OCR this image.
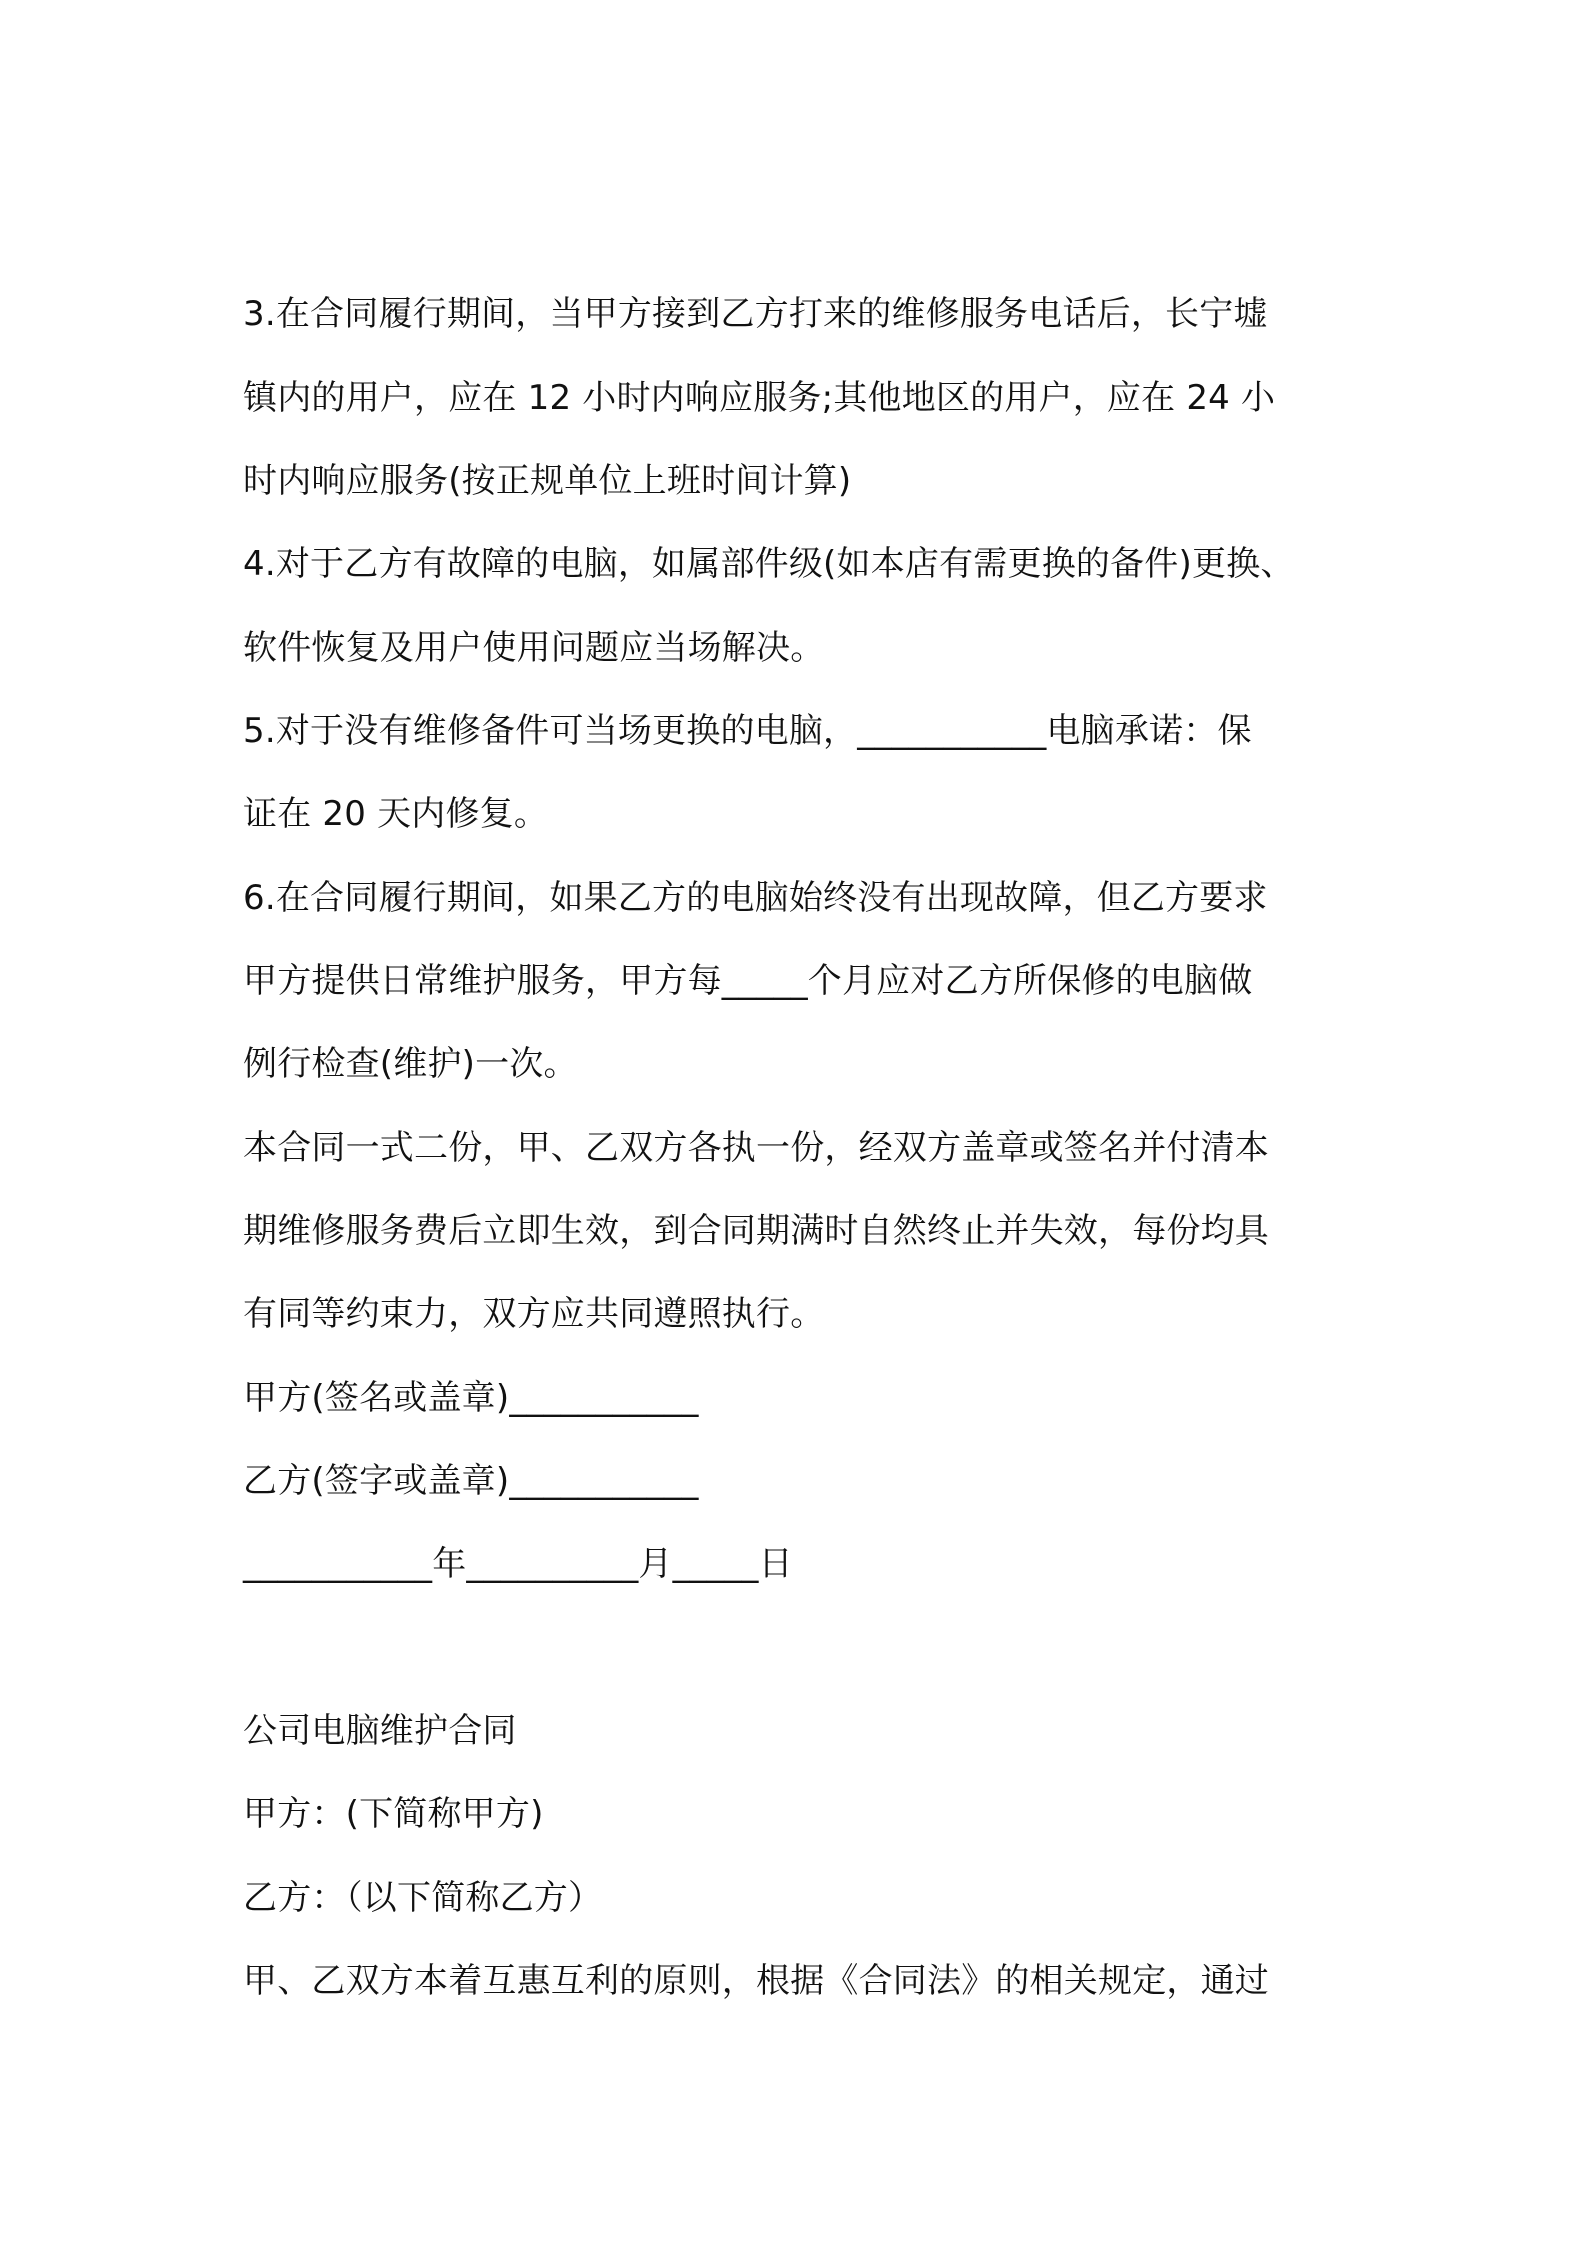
3.在合同履行期间，当甲方接到乙方打来的维修服务电话后，长宁墟

镇内的用户，应在 12 小时内响应服务;其他地区的用户，应在 24 小

时内响应服务(按正规单位上班时间计算)

4.对于乙方有故障的电脑，如属部件级(如本店有需更换的备件)更换、

软件恢复及用户使用问题应当场解决。

5.对于没有维修备件可当场更换的电脑，___________电脑承诺：保

证在 20 天内修复。

6.在合同履行期间，如果乙方的电脑始终没有出现故障，但乙方要求

甲方提供日常维护服务，甲方每_____个月应对乙方所保修的电脑做

例行检查(维护)一次。

本合同一式二份，甲、乙双方各执一份，经双方盖章或签名并付清本

期维修服务费后立即生效，到合同期满时自然终止并失效，每份均具

有同等约束力，双方应共同遵照执行。

甲方(签名或盖章)___________

乙方(签字或盖章)___________

___________年__________月_____日

公司电脑维护合同

甲方：(下简称甲方)

乙方：（以下简称乙方）

甲、乙双方本着互惠互利的原则，根据《合同法》的相关规定，通过
